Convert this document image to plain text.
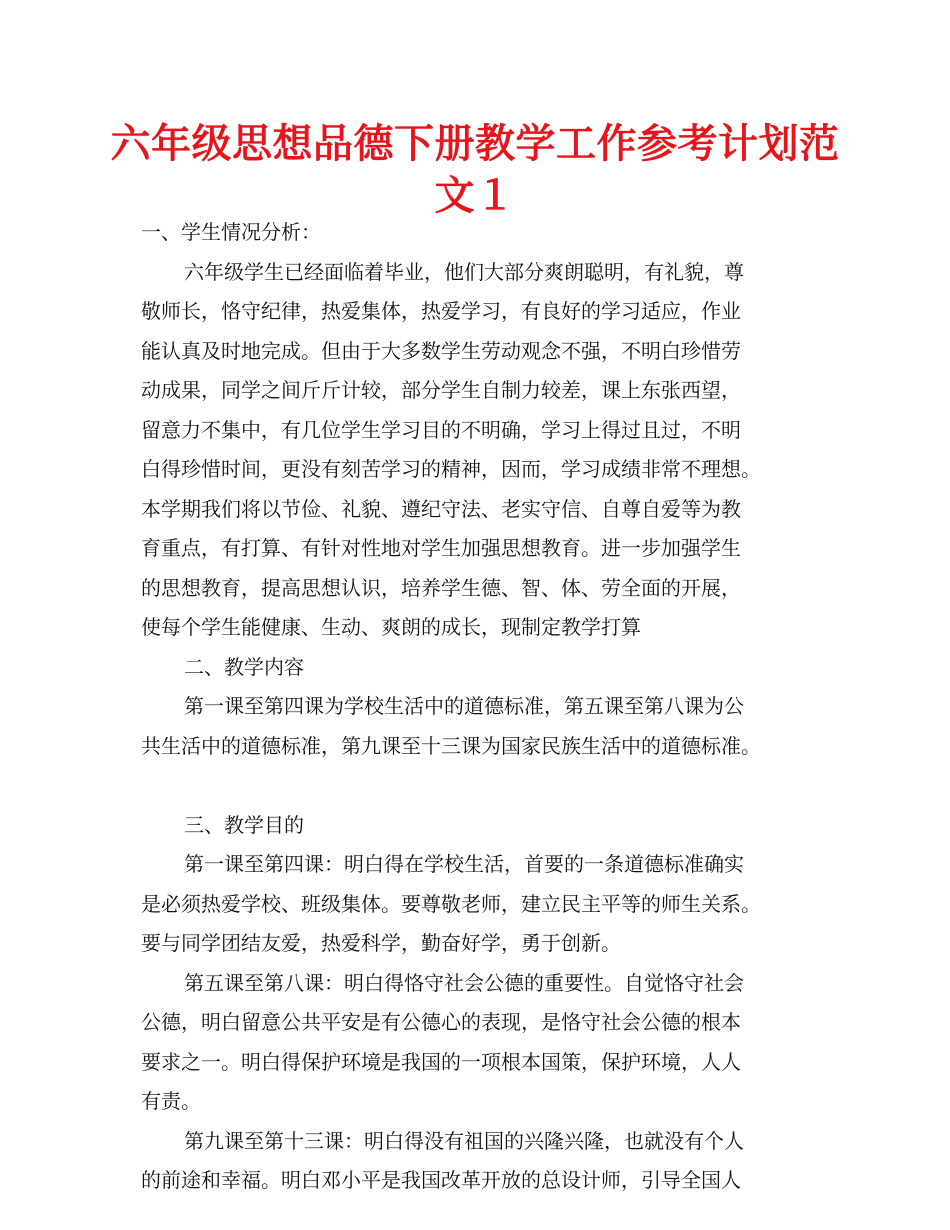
六年级思想品德下册教学工作参考计划范
文１
一、学生情况分析：
六年级学生已经面临着毕业，他们大部分爽朗聪明，有礼貌，尊
敬师长，恪守纪律，热爱集体，热爱学习，有良好的学习适应，作业
能认真及时地完成。但由于大多数学生劳动观念不强，不明白珍惜劳
动成果，同学之间斤斤计较，部分学生自制力较差，课上东张西望，
留意力不集中，有几位学生学习目的不明确，学习上得过且过，不明
白得珍惜时间，更没有刻苦学习的精神，因而，学习成绩非常不理想。
本学期我们将以节俭、礼貌、遵纪守法、老实守信、自尊自爱等为教
育重点，有打算、有针对性地对学生加强思想教育。进一步加强学生
的思想教育，提高思想认识，培养学生德、智、体、劳全面的开展，
使每个学生能健康、生动、爽朗的成长，现制定教学打算
二、教学内容
第一课至第四课为学校生活中的道德标准，第五课至第八课为公
共生活中的道德标准，第九课至十三课为国家民族生活中的道德标准。
三、教学目的
第一课至第四课：明白得在学校生活，首要的一条道德标准确实
是必须热爱学校、班级集体。要尊敬老师，建立民主平等的师生关系。
要与同学团结友爱，热爱科学，勤奋好学，勇于创新。
第五课至第八课：明白得恪守社会公德的重要性。自觉恪守社会
公德，明白留意公共平安是有公德心的表现，是恪守社会公德的根本
要求之一。明白得保护环境是我国的一项根本国策，保护环境，人人
有责。
第九课至第十三课：明白得没有祖国的兴隆兴隆，也就没有个人
的前途和幸福。明白邓小平是我国改革开放的总设计师，引导全国人
